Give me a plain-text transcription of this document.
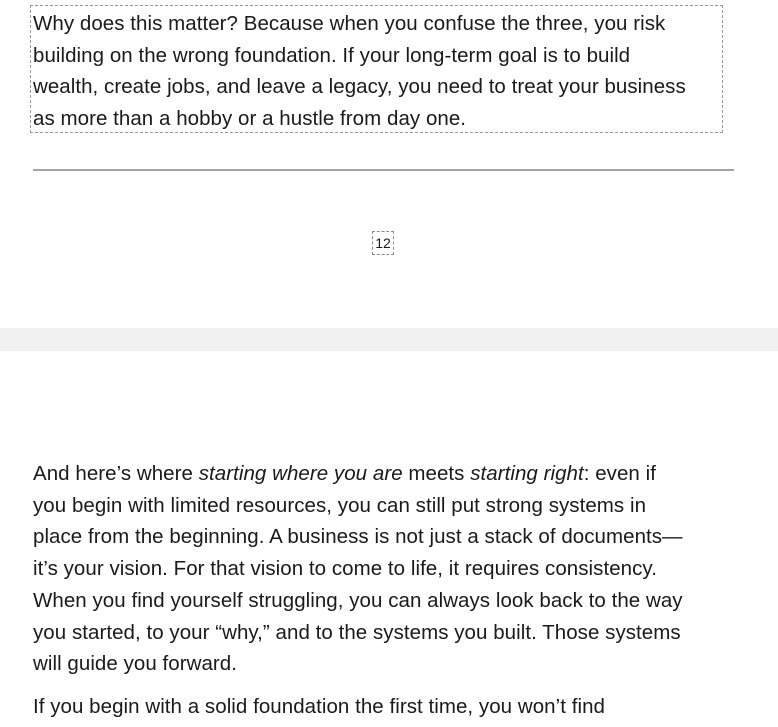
Why does this matter? Because when you confuse the three, you risk
building on the wrong foundation. If your long-term goal is to build
wealth, create jobs, and leave a legacy, you need to treat your business
as more than a hobby or a hustle from day one.

12

And here’s where starting where you are meets starting right: even if
you begin with limited resources, you can still put strong systems in
place from the beginning. A business is not just a stack of documents—
it’s your vision. For that vision to come to life, it requires consistency.
When you find yourself struggling, you can always look back to the way
you started, to your “why,” and to the systems you built. Those systems
will guide you forward.

If you begin with a solid foundation the first time, you won’t find
